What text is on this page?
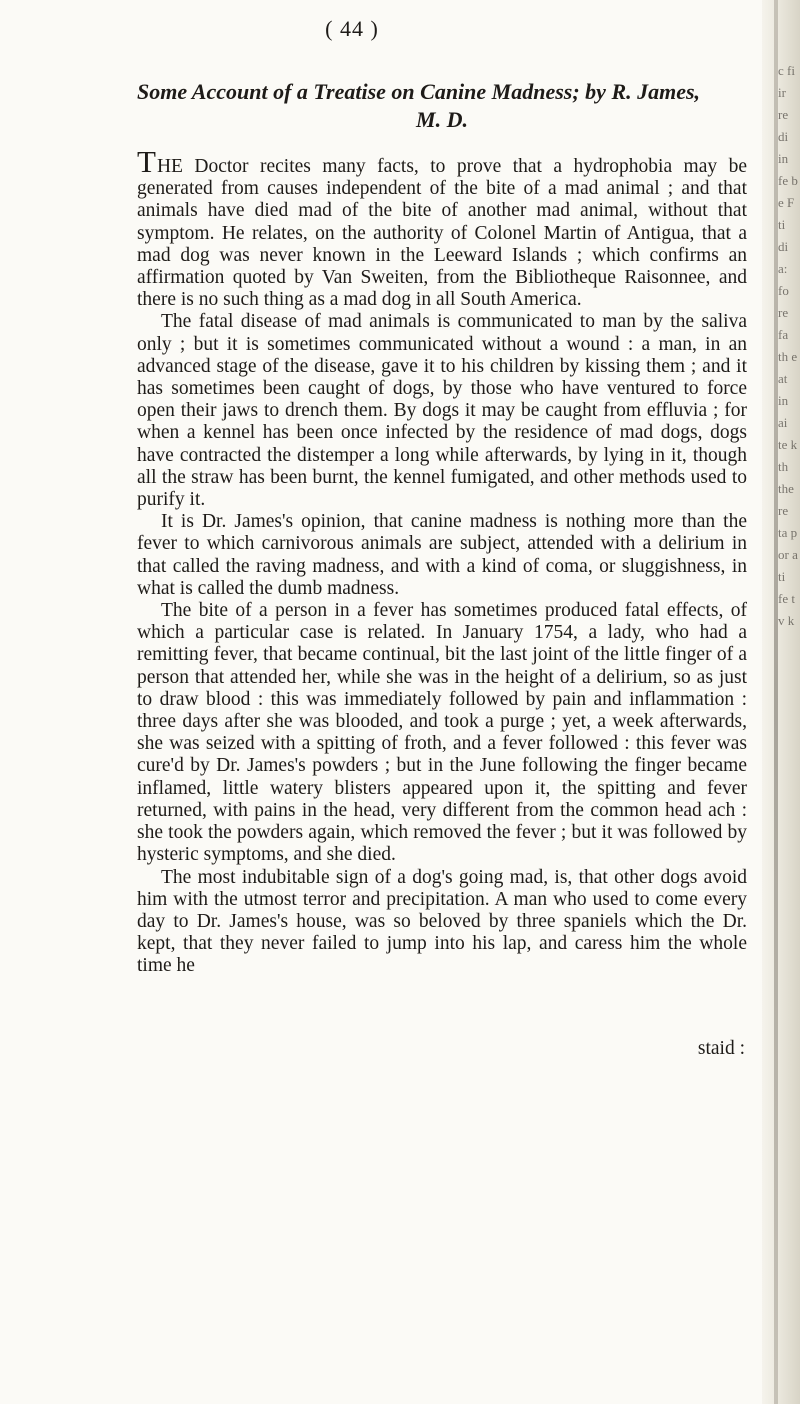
( 44 )
Some Account of a Treatise on Canine Madness; by R. James,
M. D.

THE Doctor recites many facts, to prove that a hydrophobia may be generated from causes independent of the bite of a mad animal ; and that animals have died mad of the bite of another mad animal, without that symptom. He relates, on the authority of Colonel Martin of Antigua, that a mad dog was never known in the Leeward Islands ; which confirms an affirmation quoted by Van Sweiten, from the Bibliotheque Raisonnee, and there is no such thing as a mad dog in all South America.

The fatal disease of mad animals is communicated to man by the saliva only ; but it is sometimes communicated without a wound : a man, in an advanced stage of the disease, gave it to his children by kissing them ; and it has sometimes been caught of dogs, by those who have ventured to force open their jaws to drench them. By dogs it may be caught from effluvia ; for when a kennel has been once infected by the residence of mad dogs, dogs have contracted the distemper a long while afterwards, by lying in it, though all the straw has been burnt, the kennel fumigated, and other methods used to purify it.

It is Dr. James's opinion, that canine madness is nothing more than the fever to which carnivorous animals are subject, attended with a delirium in that called the raving madness, and with a kind of coma, or sluggishness, in what is called the dumb madness.

The bite of a person in a fever has sometimes produced fatal effects, of which a particular case is related. In January 1754, a lady, who had a remitting fever, that became continual, bit the last joint of the little finger of a person that attended her, while she was in the height of a delirium, so as just to draw blood : this was immediately followed by pain and inflammation : three days after she was blooded, and took a purge ; yet, a week afterwards, she was seized with a spitting of froth, and a fever followed : this fever was cure'd by Dr. James's powders ; but in the June following the finger became inflamed, little watery blisters appeared upon it, the spitting and fever returned, with pains in the head, very different from the common head ach : she took the powders again, which removed the fever ; but it was followed by hysteric symptoms, and she died.

The most indubitable sign of a dog's going mad, is, that other dogs avoid him with the utmost terror and precipitation. A man who used to come every day to Dr. James's house, was so beloved by three spaniels which the Dr. kept, that they never failed to jump into his lap, and caress him the whole time he

staid :
c fi ir re di in fe b e F ti di a: fo re fa th e at in ai te k th the re ta p or a ti fe t v k
